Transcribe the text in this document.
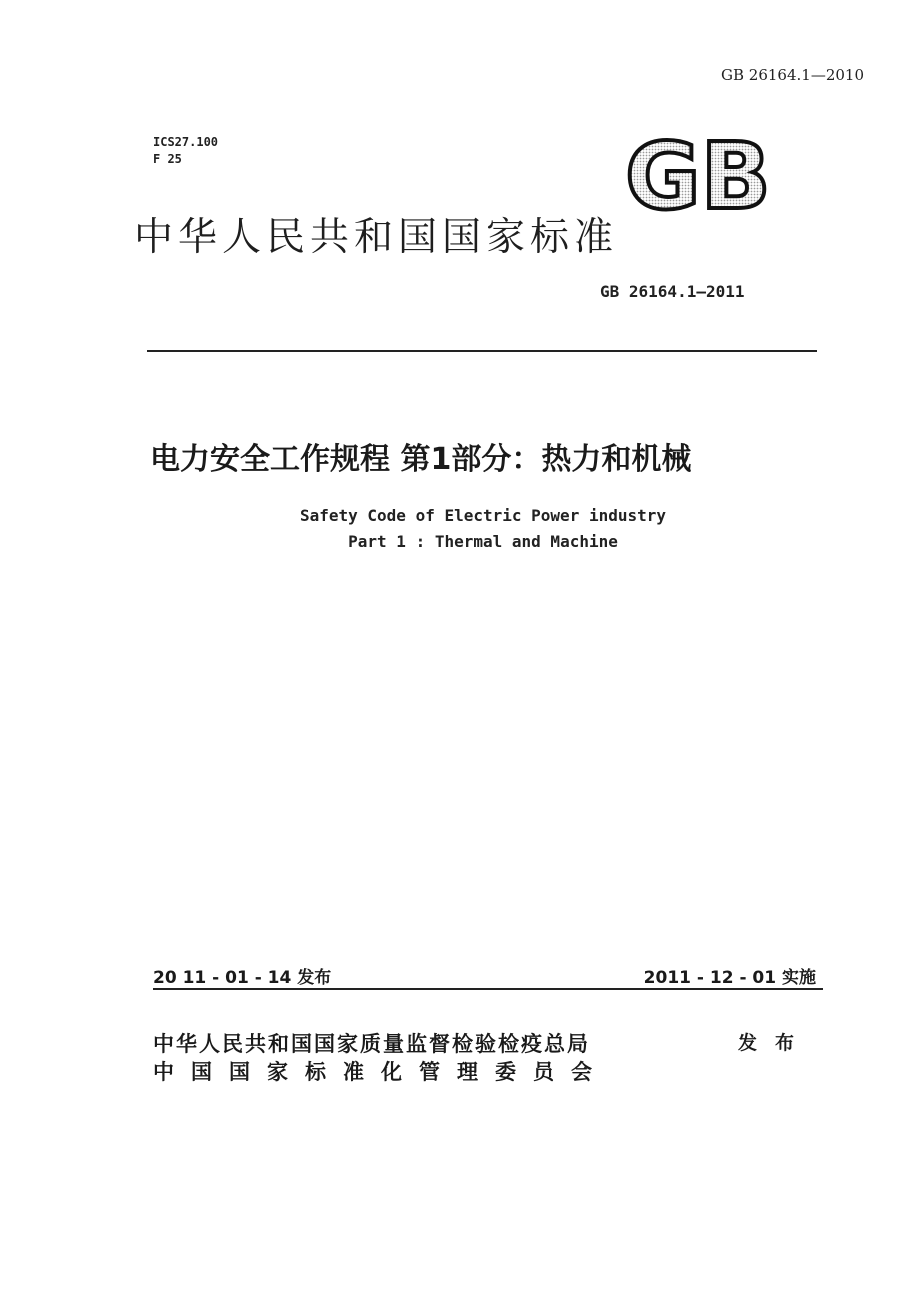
GB 26164.1—2010
ICS27.100
F 25	GB
中华人民共和国国家标准
GB 26164.1—2011
电力安全工作规程 第1部分：热力和机械
Safety Code of Electric Power industry
Part 1 : Thermal and Machine
20 11 - 01 - 14 发布	2011 - 12 - 01 实施
中华人民共和国国家质量监督检验检疫总局	发布
中国国家标准化管理委员会
